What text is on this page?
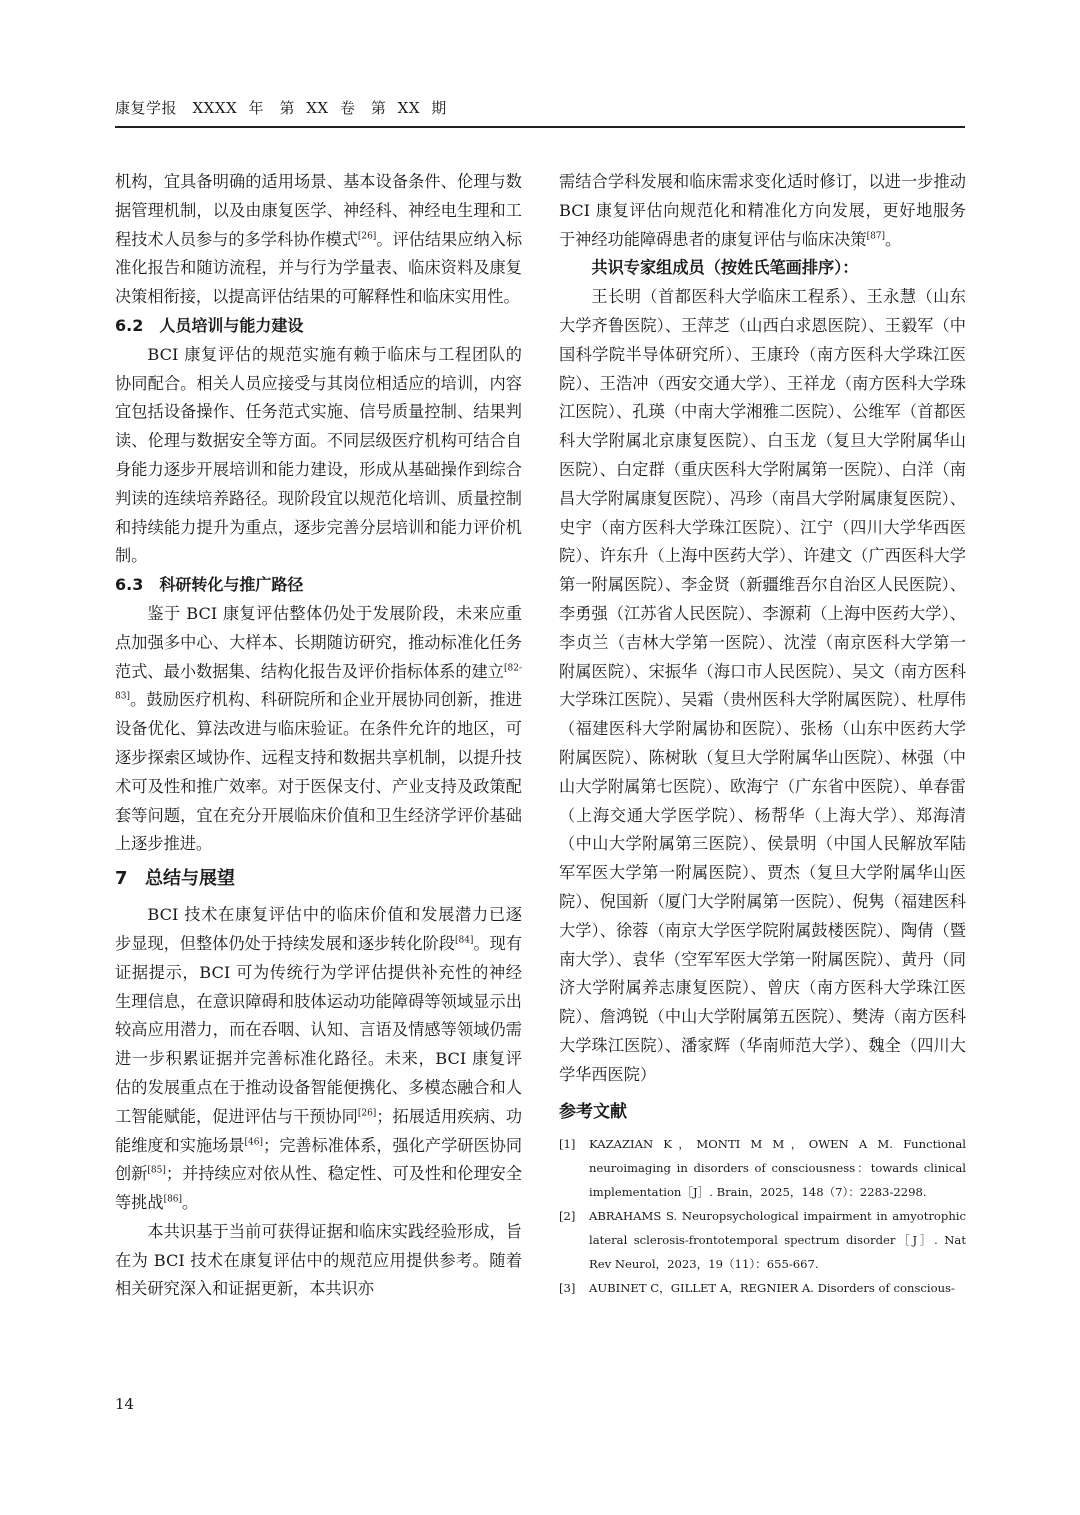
康复学报　XXXX 年　第 XX 卷　第 XX 期

机构，宜具备明确的适用场景、基本设备条件、伦理与数据管理机制，以及由康复医学、神经科、神经电生理和工程技术人员参与的多学科协作模式[26]。评估结果应纳入标准化报告和随访流程，并与行为学量表、临床资料及康复决策相衔接，以提高评估结果的可解释性和临床实用性。

6.2　人员培训与能力建设

BCI 康复评估的规范实施有赖于临床与工程团队的协同配合。相关人员应接受与其岗位相适应的培训，内容宜包括设备操作、任务范式实施、信号质量控制、结果判读、伦理与数据安全等方面。不同层级医疗机构可结合自身能力逐步开展培训和能力建设，形成从基础操作到综合判读的连续培养路径。现阶段宜以规范化培训、质量控制和持续能力提升为重点，逐步完善分层培训和能力评价机制。

6.3　科研转化与推广路径

鉴于 BCI 康复评估整体仍处于发展阶段，未来应重点加强多中心、大样本、长期随访研究，推动标准化任务范式、最小数据集、结构化报告及评价指标体系的建立[82-83]。鼓励医疗机构、科研院所和企业开展协同创新，推进设备优化、算法改进与临床验证。在条件允许的地区，可逐步探索区域协作、远程支持和数据共享机制，以提升技术可及性和推广效率。对于医保支付、产业支持及政策配套等问题，宜在充分开展临床价值和卫生经济学评价基础上逐步推进。

7 总结与展望

BCI 技术在康复评估中的临床价值和发展潜力已逐步显现，但整体仍处于持续发展和逐步转化阶段[84]。现有证据提示，BCI 可为传统行为学评估提供补充性的神经生理信息，在意识障碍和肢体运动功能障碍等领域显示出较高应用潜力，而在吞咽、认知、言语及情感等领域仍需进一步积累证据并完善标准化路径。未来，BCI 康复评估的发展重点在于推动设备智能便携化、多模态融合和人工智能赋能，促进评估与干预协同[26]；拓展适用疾病、功能维度和实施场景[46]；完善标准体系，强化产学研医协同创新[85]；并持续应对依从性、稳定性、可及性和伦理安全等挑战[86]。

本共识基于当前可获得证据和临床实践经验形成，旨在为 BCI 技术在康复评估中的规范应用提供参考。随着相关研究深入和证据更新，本共识亦

需结合学科发展和临床需求变化适时修订，以进一步推动 BCI 康复评估向规范化和精准化方向发展，更好地服务于神经功能障碍患者的康复评估与临床决策[87]。

共识专家组成员（按姓氏笔画排序）：

王长明（首都医科大学临床工程系）、王永慧（山东大学齐鲁医院）、王萍芝（山西白求恩医院）、王毅军（中国科学院半导体研究所）、王康玲（南方医科大学珠江医院）、王浩冲（西安交通大学）、王祥龙（南方医科大学珠江医院）、孔瑛（中南大学湘雅二医院）、公维军（首都医科大学附属北京康复医院）、白玉龙（复旦大学附属华山医院）、白定群（重庆医科大学附属第一医院）、白洋（南昌大学附属康复医院）、冯珍（南昌大学附属康复医院）、史宇（南方医科大学珠江医院）、江宁（四川大学华西医院）、许东升（上海中医药大学）、许建文（广西医科大学第一附属医院）、李金贤（新疆维吾尔自治区人民医院）、李勇强（江苏省人民医院）、李源莉（上海中医药大学）、李贞兰（吉林大学第一医院）、沈滢（南京医科大学第一附属医院）、宋振华（海口市人民医院）、吴文（南方医科大学珠江医院）、吴霜（贵州医科大学附属医院）、杜厚伟（福建医科大学附属协和医院）、张杨（山东中医药大学附属医院）、陈树耿（复旦大学附属华山医院）、林强（中山大学附属第七医院）、欧海宁（广东省中医院）、单春雷（上海交通大学医学院）、杨帮华（上海大学）、郑海清（中山大学附属第三医院）、侯景明（中国人民解放军陆军军医大学第一附属医院）、贾杰（复旦大学附属华山医院）、倪国新（厦门大学附属第一医院）、倪隽（福建医科大学）、徐蓉（南京大学医学院附属鼓楼医院）、陶倩（暨南大学）、袁华（空军军医大学第一附属医院）、黄丹（同济大学附属养志康复医院）、曾庆（南方医科大学珠江医院）、詹鸿锐（中山大学附属第五医院）、樊涛（南方医科大学珠江医院）、潘家辉（华南师范大学）、魏全（四川大学华西医院）

参考文献
[1]	KAZAZIAN K，MONTI M M，OWEN A M. Functional neuroimaging in disorders of consciousness：towards clinical implementation［J］. Brain，2025，148（7）：2283-2298.
[2]	ABRAHAMS S. Neuropsychological impairment in amyotrophic lateral sclerosis-frontotemporal spectrum disorder［J］. Nat Rev Neurol，2023，19（11）：655-667.
[3]	AUBINET C，GILLET A，REGNIER A. Disorders of conscious-
14
